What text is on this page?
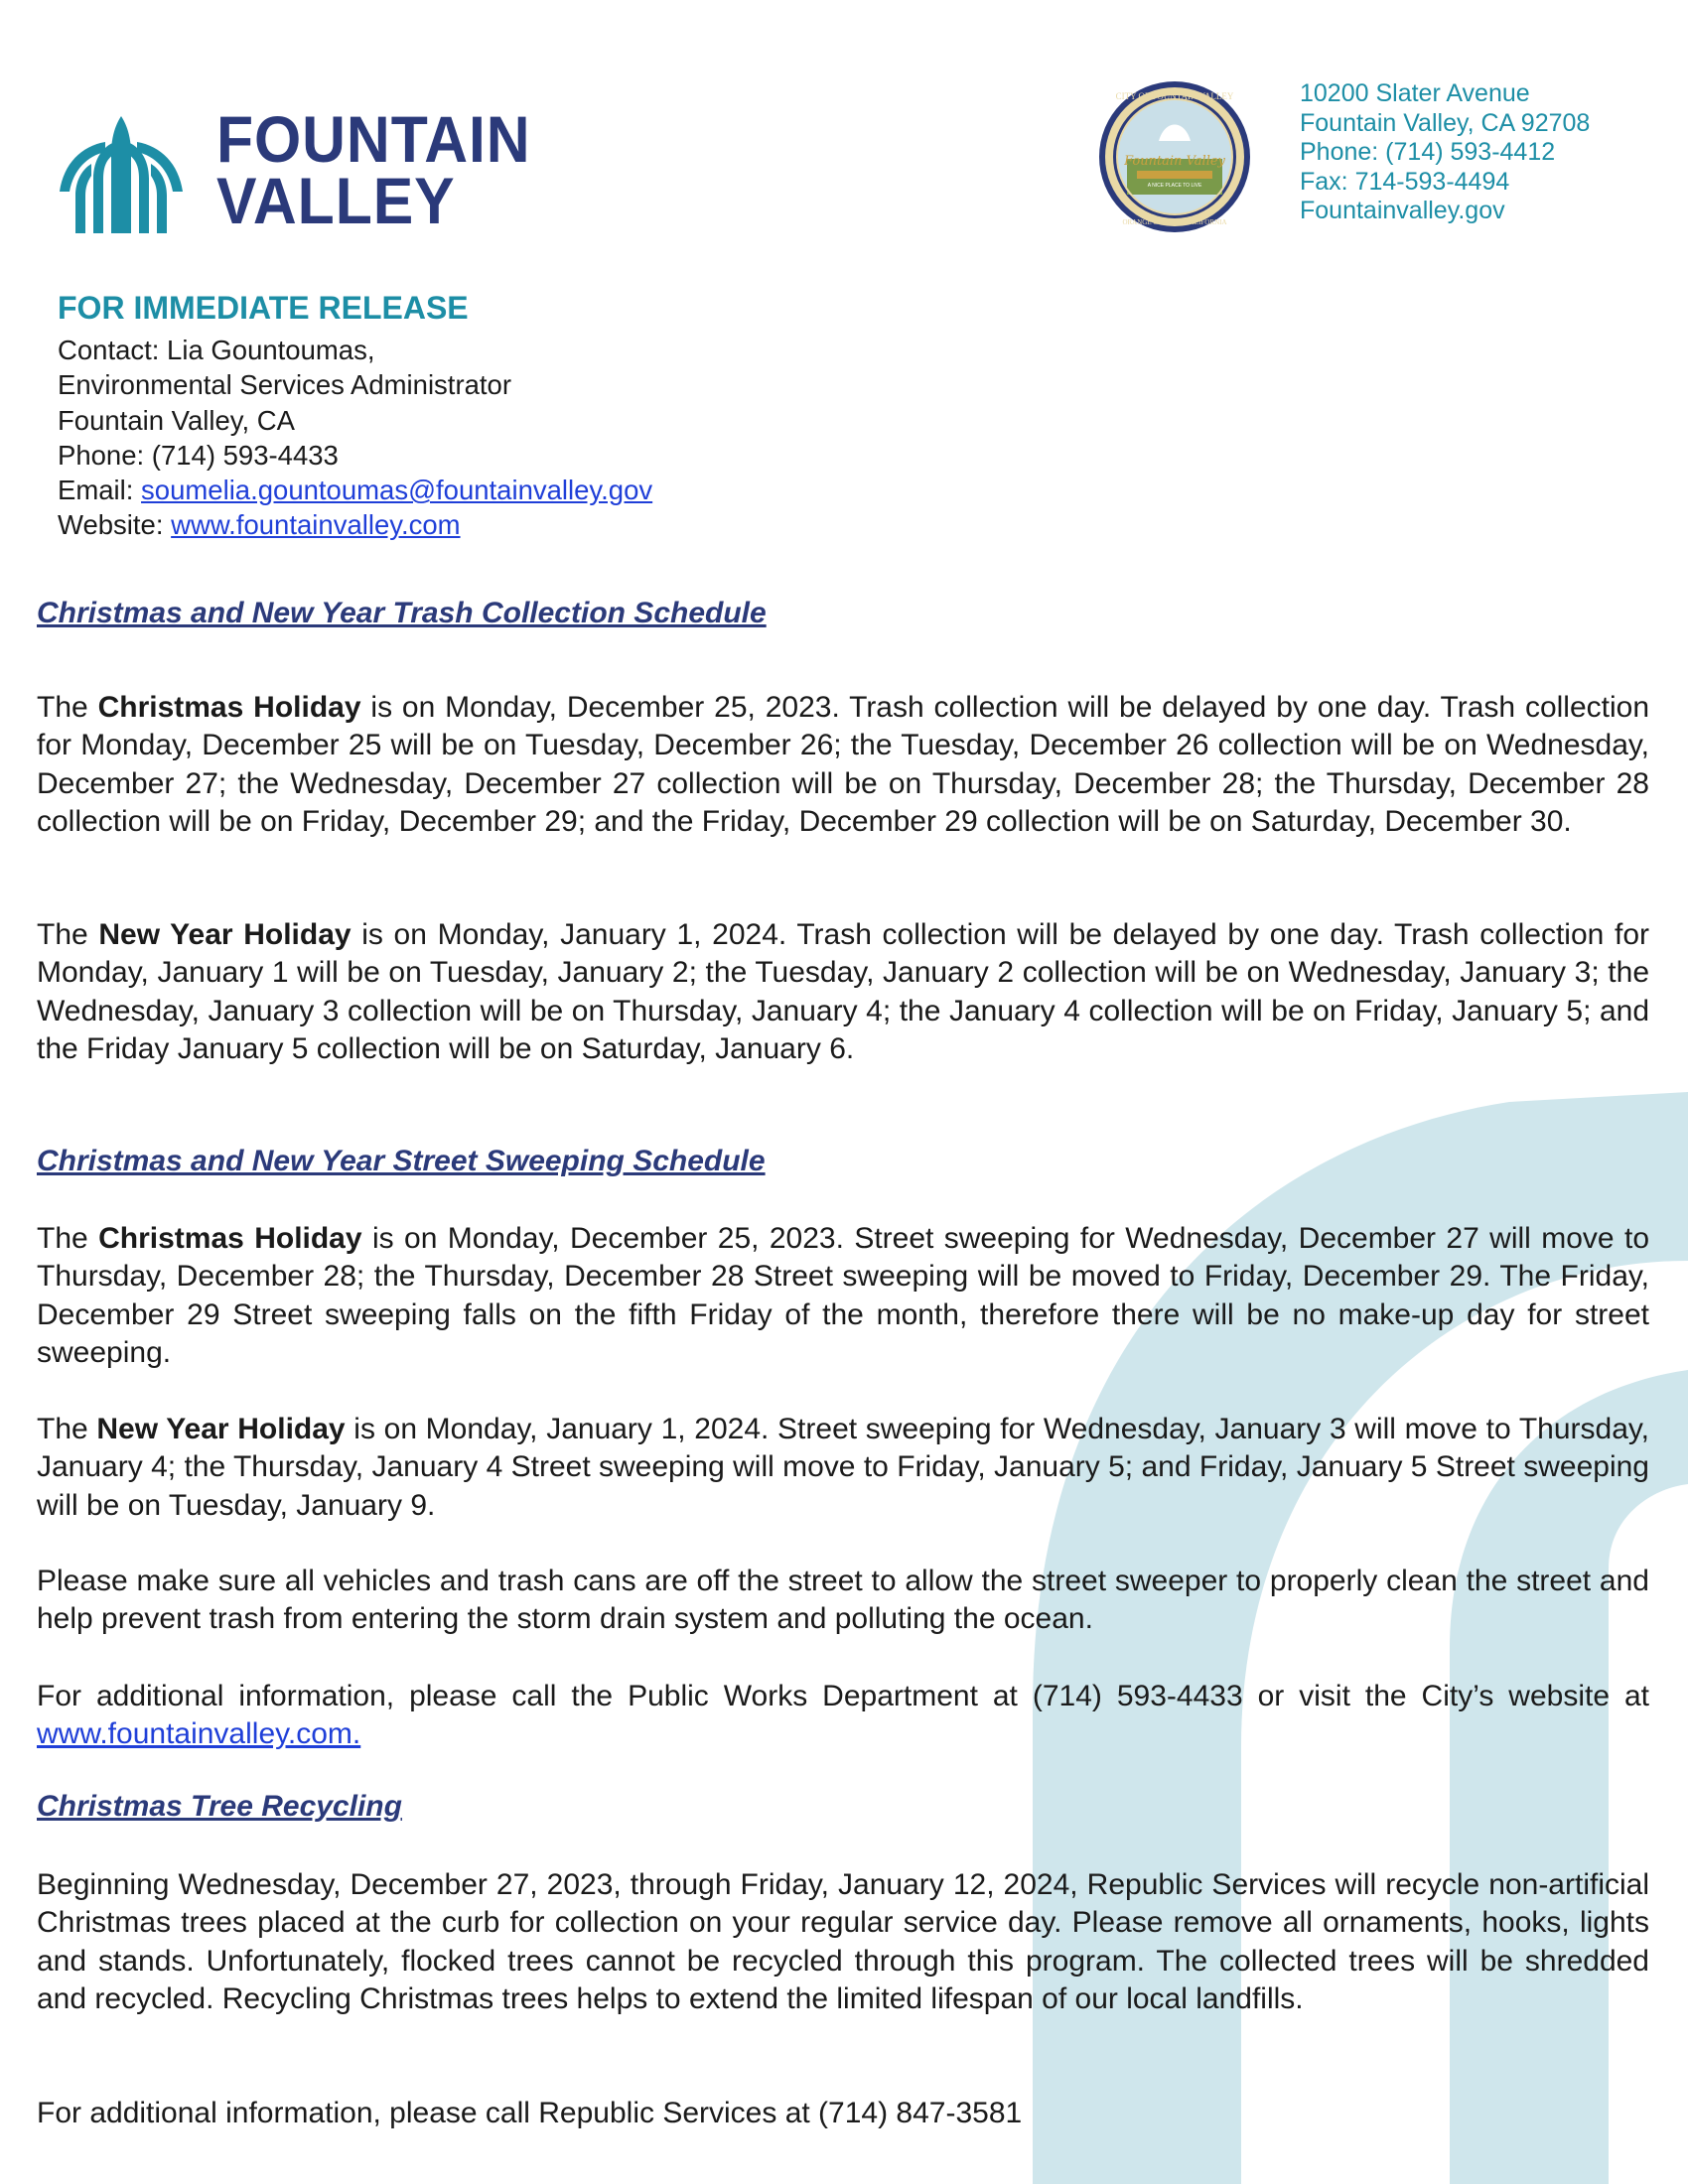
FOUNTAIN
VALLEY
Fountain Valley
A NICE PLACE TO LIVE
CITY OF FOUNTAIN VALLEY
ORANGE COUNTY, CALIFORNIA
10200 Slater Avenue
Fountain Valley, CA 92708
Phone: (714) 593-4412
Fax: 714-593-4494
Fountainvalley.gov
FOR IMMEDIATE RELEASE
Contact: Lia Gountoumas,
Environmental Services Administrator
Fountain Valley, CA
Phone: (714) 593-4433
Email: soumelia.gountoumas@fountainvalley.gov
Website: www.fountainvalley.com
Christmas and New Year Trash Collection Schedule
The Christmas Holiday is on Monday, December 25, 2023. Trash collection will be delayed by one day. Trash collection for Monday, December 25 will be on Tuesday, December 26; the Tuesday, December 26 collection will be on Wednesday, December 27; the Wednesday, December 27 collection will be on Thursday, December 28; the Thursday, December 28 collection will be on Friday, December 29; and the Friday, December 29 collection will be on Saturday, December 30.
The New Year Holiday is on Monday, January 1, 2024. Trash collection will be delayed by one day. Trash collection for Monday, January 1 will be on Tuesday, January 2; the Tuesday, January 2 collection will be on Wednesday, January 3; the Wednesday, January 3 collection will be on Thursday, January 4; the January 4 collection will be on Friday, January 5; and the Friday January 5 collection will be on Saturday, January 6.
Christmas and New Year Street Sweeping Schedule
The Christmas Holiday is on Monday, December 25, 2023. Street sweeping for Wednesday, December 27 will move to Thursday, December 28; the Thursday, December 28 Street sweeping will be moved to Friday, December 29. The Friday, December 29 Street sweeping falls on the fifth Friday of the month, therefore there will be no make-up day for street sweeping.
The New Year Holiday is on Monday, January 1, 2024. Street sweeping for Wednesday, January 3 will move to Thursday, January 4; the Thursday, January 4 Street sweeping will move to Friday, January 5; and Friday, January 5 Street sweeping will be on Tuesday, January 9.
Please make sure all vehicles and trash cans are off the street to allow the street sweeper to properly clean the street and help prevent trash from entering the storm drain system and polluting the ocean.
For additional information, please call the Public Works Department at (714) 593-4433 or visit the City’s website at www.fountainvalley.com.
Christmas Tree Recycling
Beginning Wednesday, December 27, 2023, through Friday, January 12, 2024, Republic Services will recycle non-artificial Christmas trees placed at the curb for collection on your regular service day. Please remove all ornaments, hooks, lights and stands. Unfortunately, flocked trees cannot be recycled through this program. The collected trees will be shredded and recycled. Recycling Christmas trees helps to extend the limited lifespan of our local landfills.
For additional information, please call Republic Services at (714) 847-3581
